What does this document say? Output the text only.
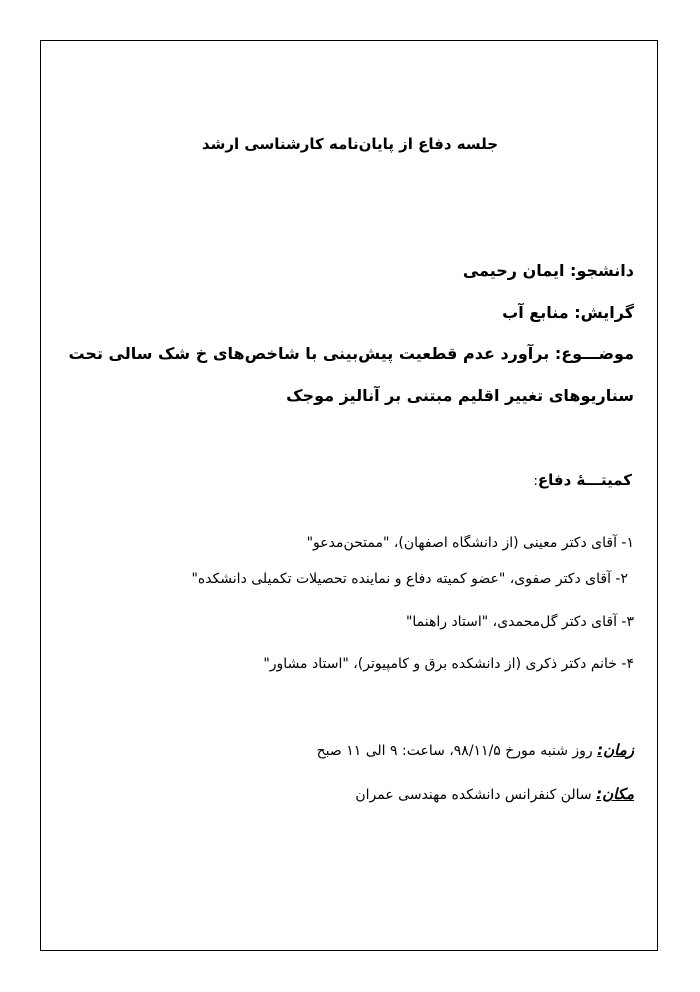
جلسه دفاع از پایان‌نامه کارشناسی ارشد
دانشجو: ایمان رحیمی
گرایش: منابع آب
موضـــوع: برآورد عدم قطعیت پیش‌بینی با شاخص‌های خ شک سالی تحت
سناریوهای تغییر اقلیم مبتنی بر آنالیز موجک
کمیتـــهٔ دفاع:
۱- آقای دکتر معینی (از دانشگاه اصفهان)، "ممتحن‌مدعو"
۲- آقای دکتر صفوی، "عضو کمیته دفاع و نماینده تحصیلات تکمیلی دانشکده"
۳- آقای دکتر گل‌محمدی، "استاد راهنما"
۴- خانم دکتر ذکری (از دانشکده برق و کامپیوتر)، "استاد مشاور"
زمان: روز شنبه مورخ ۹۸/۱۱/۵، ساعت: ۹ الی ۱۱ صبح
مکان: سالن کنفرانس دانشکده مهندسی عمران
